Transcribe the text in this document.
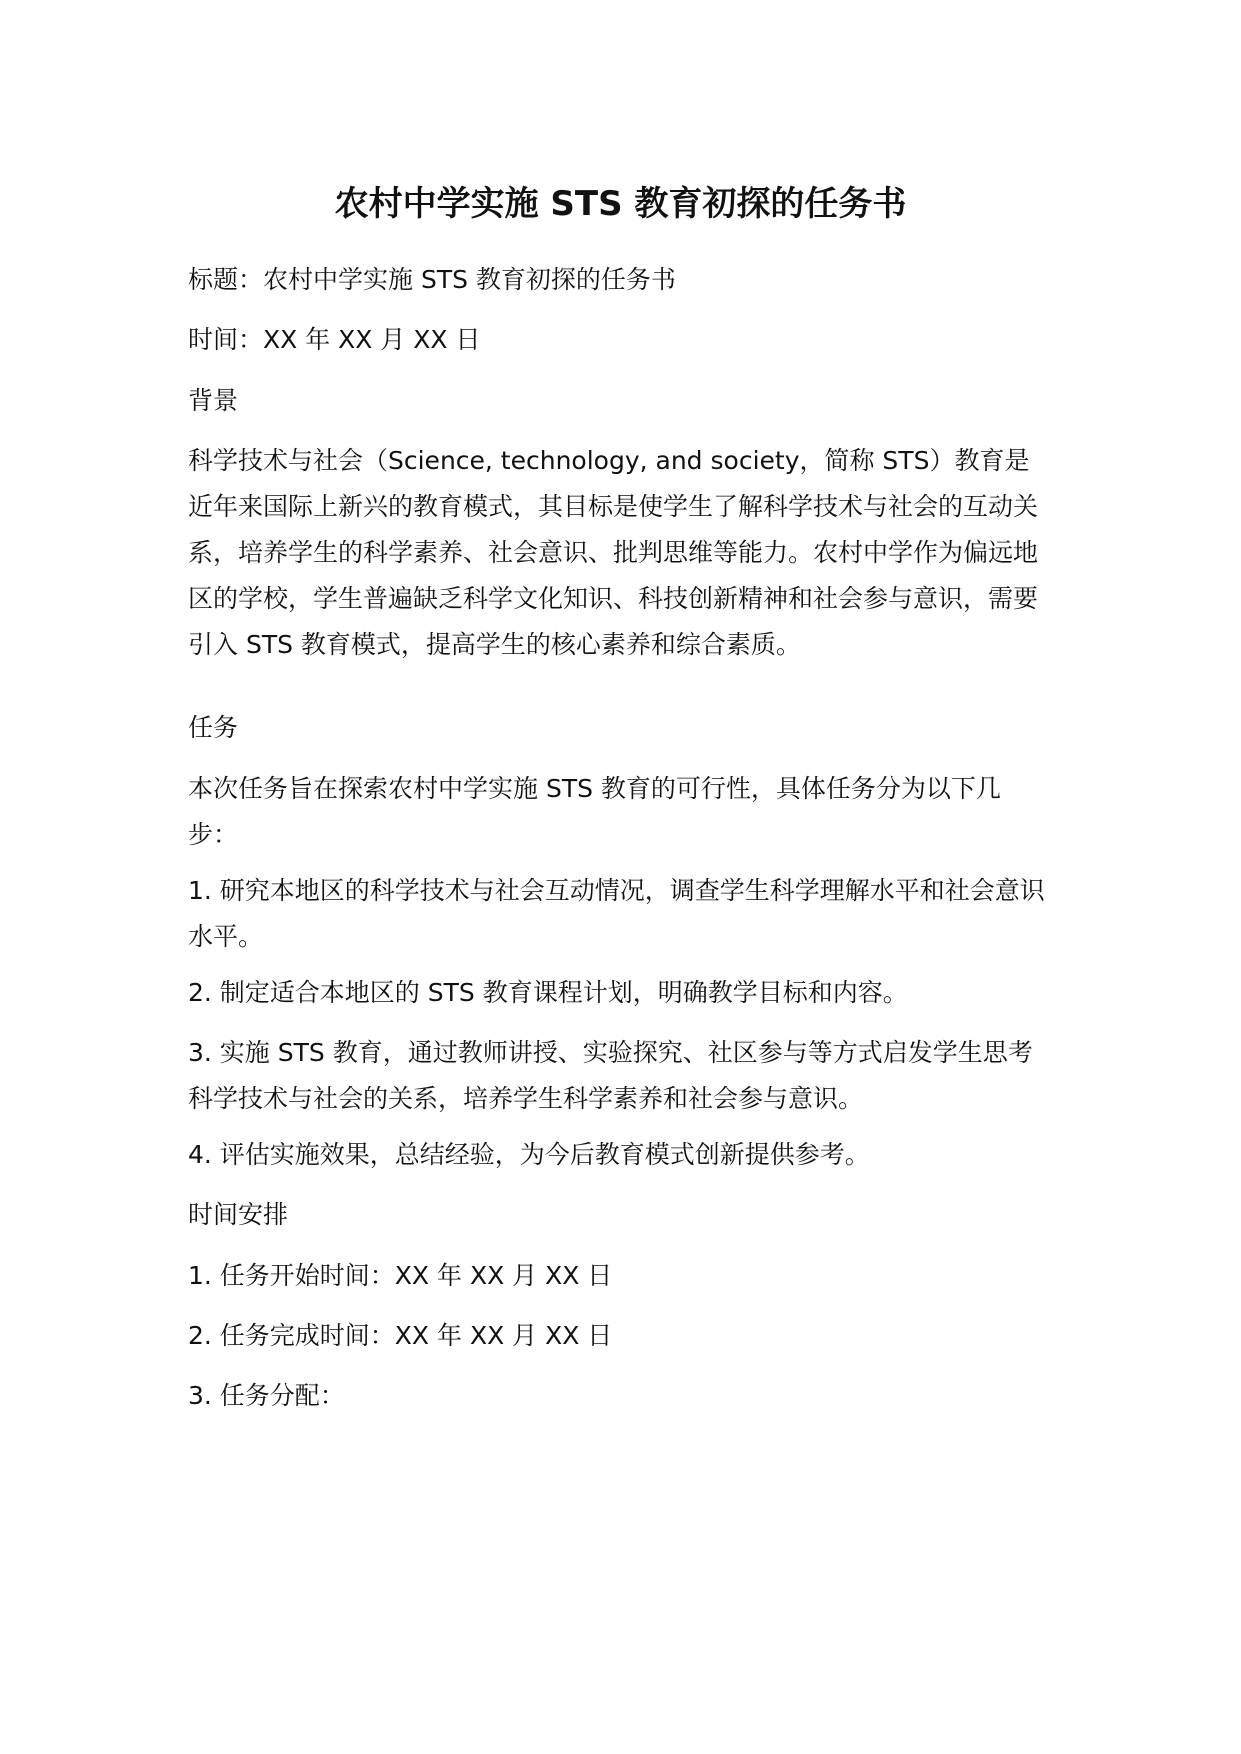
农村中学实施 STS 教育初探的任务书

标题：农村中学实施 STS 教育初探的任务书

时间：XX 年 XX 月 XX 日

背景

科学技术与社会（Science, technology, and society，简称 STS）教育是近年来国际上新兴的教育模式，其目标是使学生了解科学技术与社会的互动关系，培养学生的科学素养、社会意识、批判思维等能力。农村中学作为偏远地区的学校，学生普遍缺乏科学文化知识、科技创新精神和社会参与意识，需要引入 STS 教育模式，提高学生的核心素养和综合素质。

任务

本次任务旨在探索农村中学实施 STS 教育的可行性，具体任务分为以下几步：

1. 研究本地区的科学技术与社会互动情况，调查学生科学理解水平和社会意识水平。

2. 制定适合本地区的 STS 教育课程计划，明确教学目标和内容。

3. 实施 STS 教育，通过教师讲授、实验探究、社区参与等方式启发学生思考科学技术与社会的关系，培养学生科学素养和社会参与意识。

4. 评估实施效果，总结经验，为今后教育模式创新提供参考。

时间安排

1. 任务开始时间：XX 年 XX 月 XX 日

2. 任务完成时间：XX 年 XX 月 XX 日

3. 任务分配：
